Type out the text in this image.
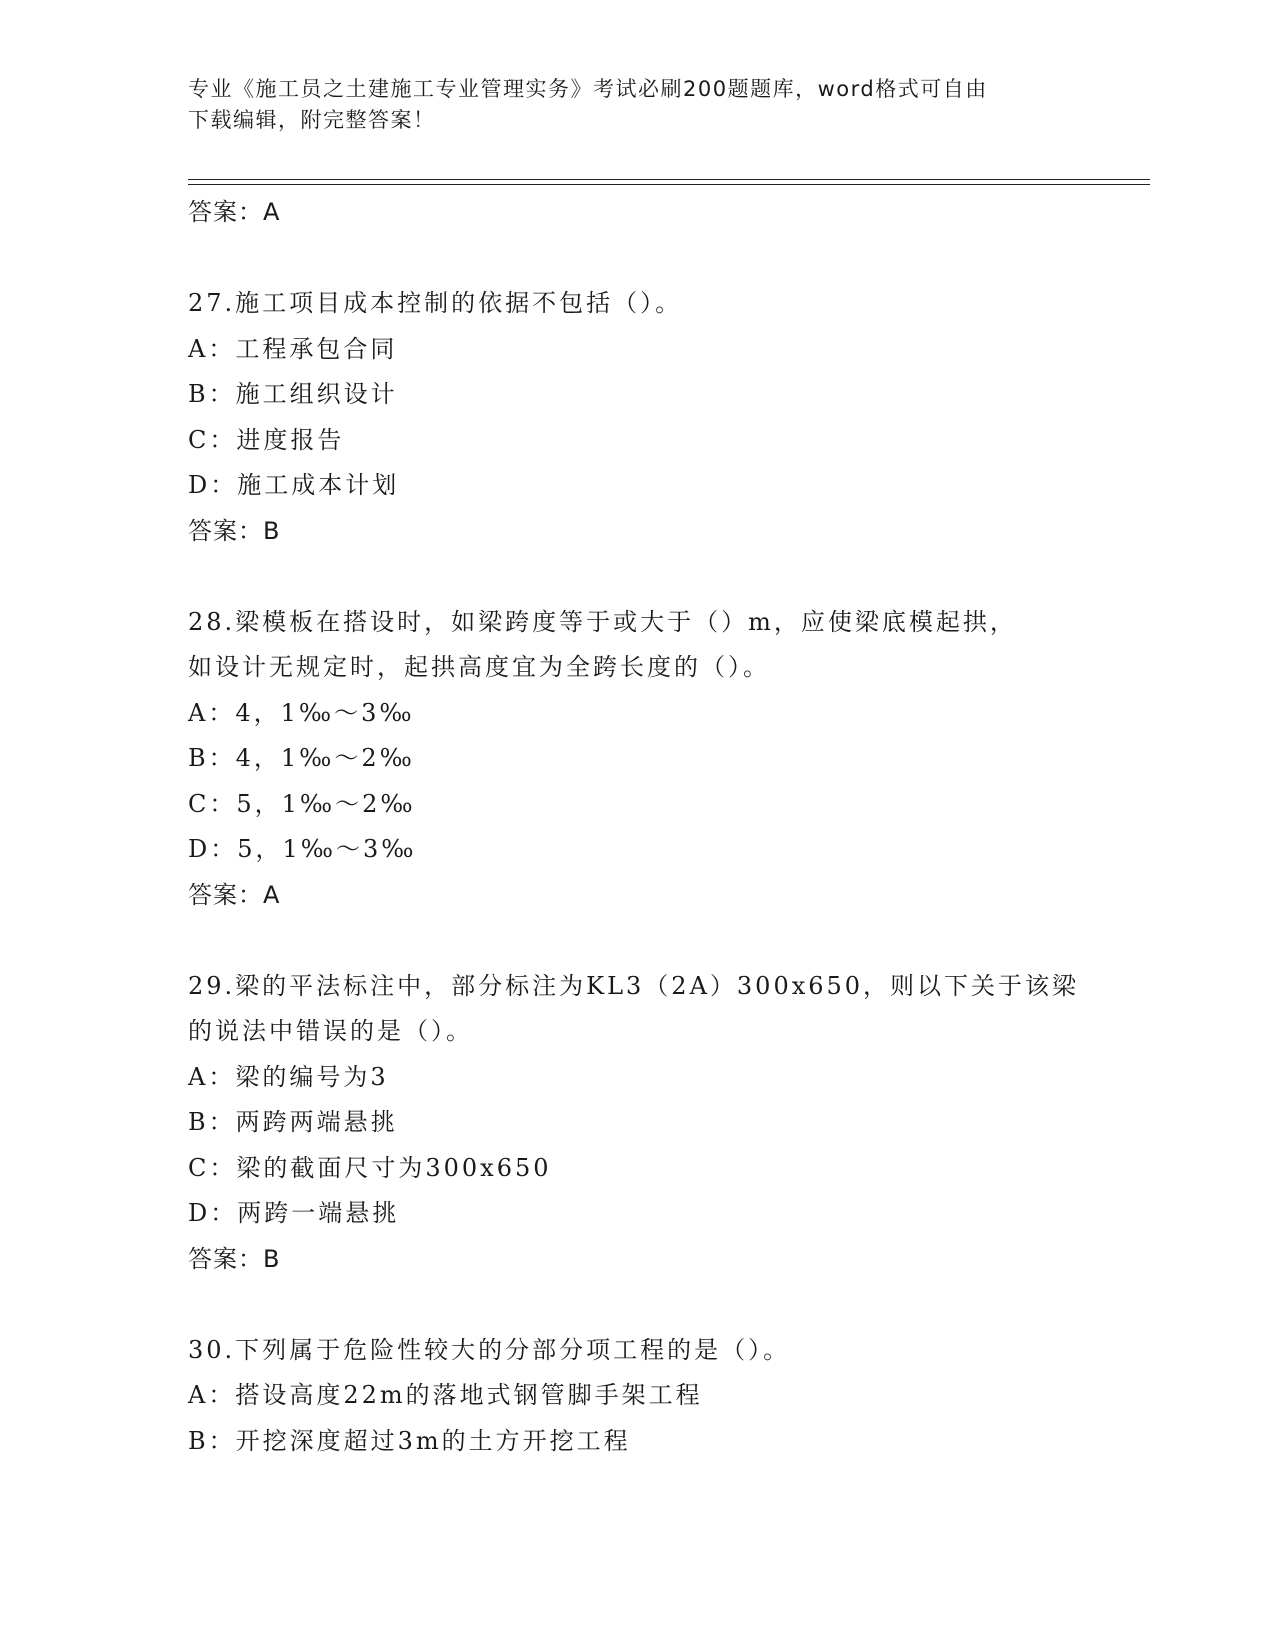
专业《施工员之土建施工专业管理实务》考试必刷200题题库，word格式可自由
下载编辑，附完整答案！
答案：A
27.施工项目成本控制的依据不包括（）。
A：工程承包合同
B：施工组织设计
C：进度报告
D：施工成本计划
答案：B
28.梁模板在搭设时，如梁跨度等于或大于（）m，应使梁底模起拱，
如设计无规定时，起拱高度宜为全跨长度的（）。
A：4，1‰～3‰
B：4，1‰～2‰
C：5，1‰～2‰
D：5，1‰～3‰
答案：A
29.梁的平法标注中，部分标注为KL3（2A）300x650，则以下关于该梁
的说法中错误的是（）。
A：梁的编号为3
B：两跨两端悬挑
C：梁的截面尺寸为300x650
D：两跨一端悬挑
答案：B
30.下列属于危险性较大的分部分项工程的是（）。
A：搭设高度22m的落地式钢管脚手架工程
B：开挖深度超过3m的土方开挖工程
